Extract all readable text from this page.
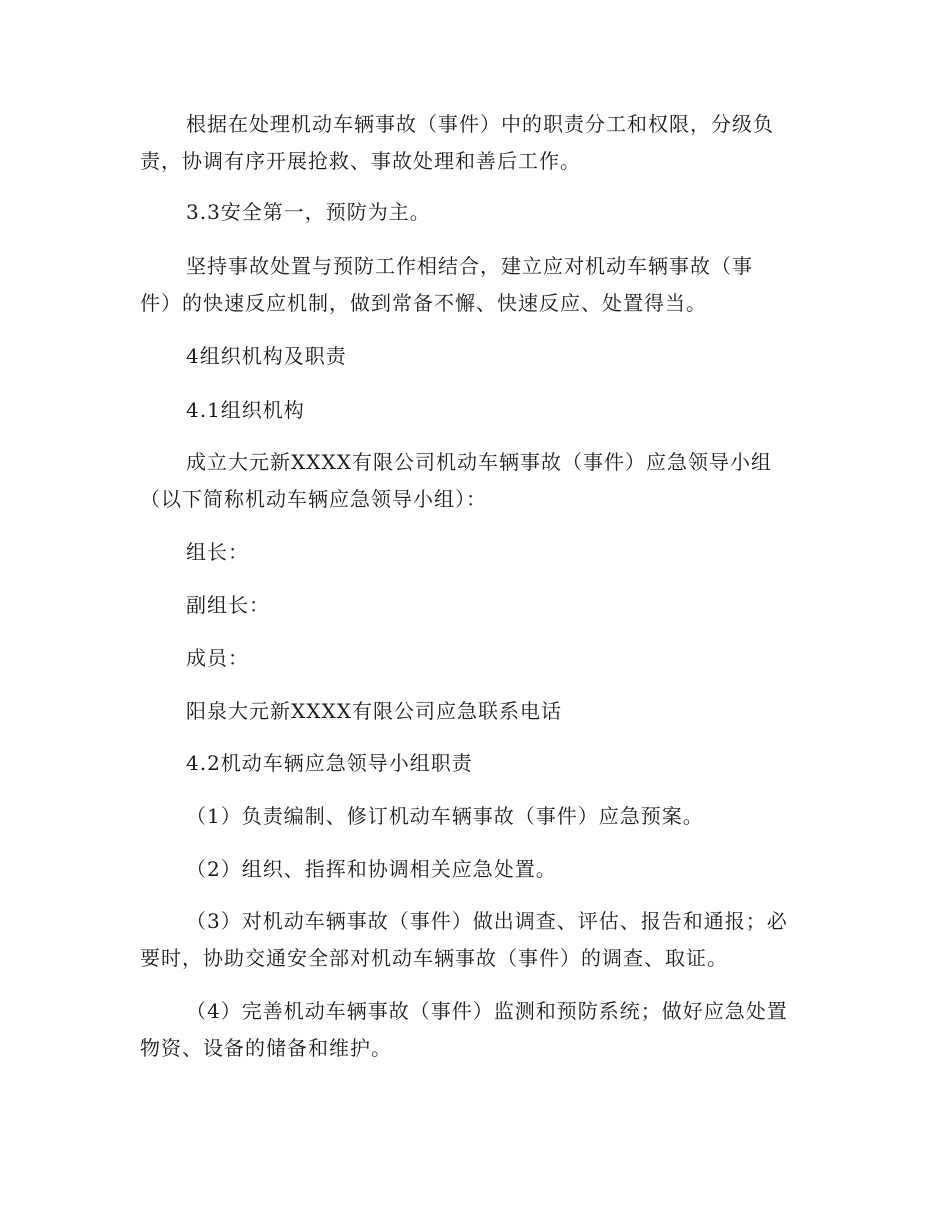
根据在处理机动车辆事故（事件）中的职责分工和权限，分级负
责，协调有序开展抢救、事故处理和善后工作。

3.3安全第一，预防为主。

坚持事故处置与预防工作相结合，建立应对机动车辆事故（事
件）的快速反应机制，做到常备不懈、快速反应、处置得当。

4组织机构及职责

4.1组织机构

成立大元新XXXX有限公司机动车辆事故（事件）应急领导小组
（以下简称机动车辆应急领导小组）：

组长：

副组长：

成员：

阳泉大元新XXXX有限公司应急联系电话

4.2机动车辆应急领导小组职责

（1）负责编制、修订机动车辆事故（事件）应急预案。

（2）组织、指挥和协调相关应急处置。

（3）对机动车辆事故（事件）做出调查、评估、报告和通报；必
要时，协助交通安全部对机动车辆事故（事件）的调查、取证。

（4）完善机动车辆事故（事件）监测和预防系统；做好应急处置
物资、设备的储备和维护。
